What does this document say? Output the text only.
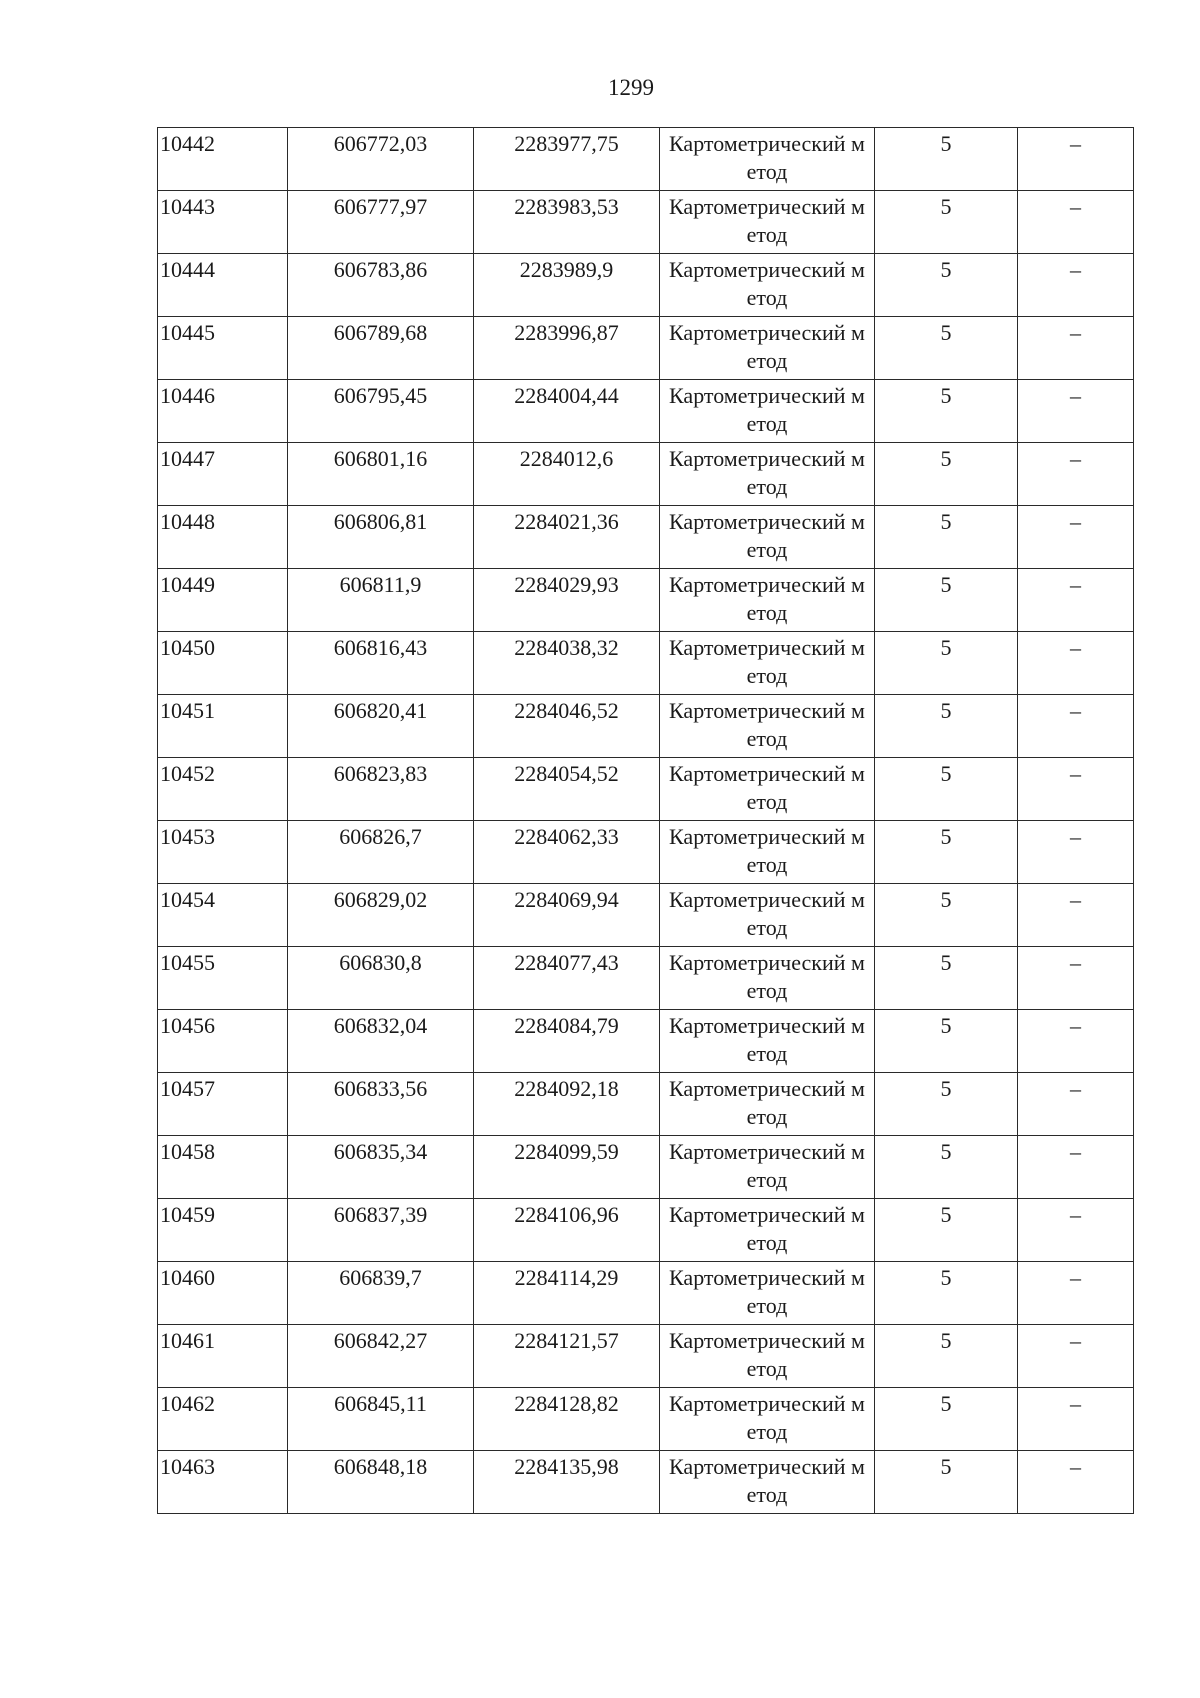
1299
10442	606772,03	2283977,75	Картометрический метод	5	–

10443	606777,97	2283983,53	Картометрический метод	5	–

10444	606783,86	2283989,9	Картометрический метод	5	–

10445	606789,68	2283996,87	Картометрический метод	5	–

10446	606795,45	2284004,44	Картометрический метод	5	–

10447	606801,16	2284012,6	Картометрический метод	5	–

10448	606806,81	2284021,36	Картометрический метод	5	–

10449	606811,9	2284029,93	Картометрический метод	5	–

10450	606816,43	2284038,32	Картометрический метод	5	–

10451	606820,41	2284046,52	Картометрический метод	5	–

10452	606823,83	2284054,52	Картометрический метод	5	–

10453	606826,7	2284062,33	Картометрический метод	5	–

10454	606829,02	2284069,94	Картометрический метод	5	–

10455	606830,8	2284077,43	Картометрический метод	5	–

10456	606832,04	2284084,79	Картометрический метод	5	–

10457	606833,56	2284092,18	Картометрический метод	5	–

10458	606835,34	2284099,59	Картометрический метод	5	–

10459	606837,39	2284106,96	Картометрический метод	5	–

10460	606839,7	2284114,29	Картометрический метод	5	–

10461	606842,27	2284121,57	Картометрический метод	5	–

10462	606845,11	2284128,82	Картометрический метод	5	–

10463	606848,18	2284135,98	Картометрический метод	5	–
